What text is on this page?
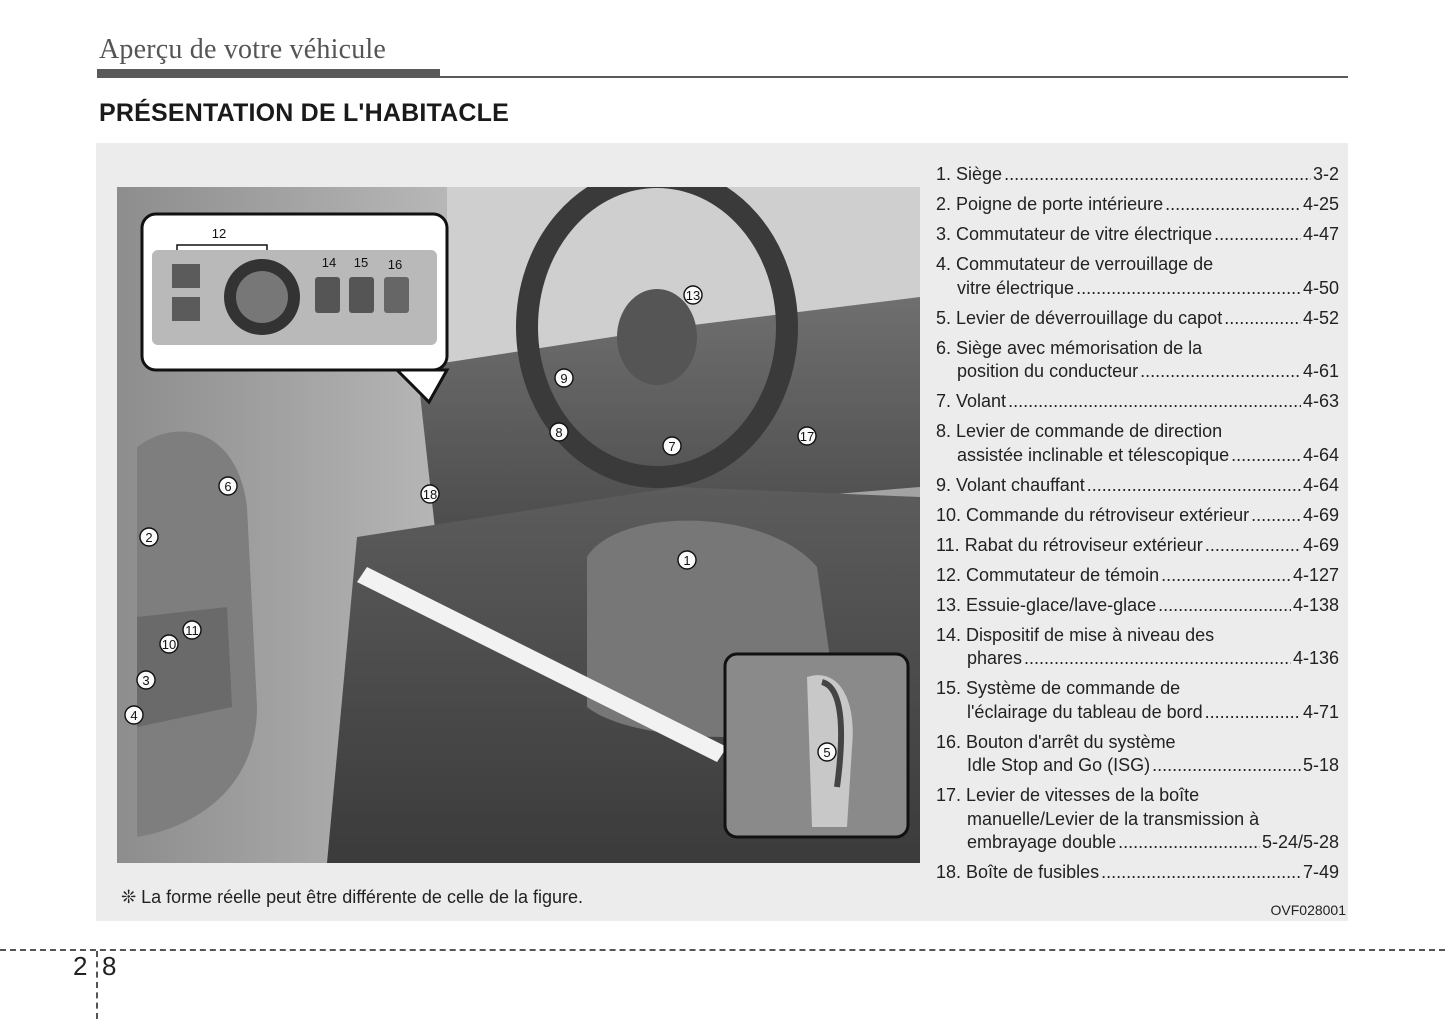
Aperçu de votre véhicule
PRÉSENTATION DE L'HABITACLE
12
14 15 16
1
2
3
4
5
6
7
8
9
10
11
13
17
18

❊ La forme réelle peut être différente de celle de la figure.

OVF028001
1. Siège .....	3-2
2. Poigne de porte intérieure .....	4-25
3. Commutateur de vitre électrique .....	4-47
4. Commutateur de verrouillage de
vitre électrique .....	4-50
5. Levier de déverrouillage du capot .....	4-52
6. Siège avec mémorisation de la
position du conducteur .....	4-61
7. Volant .....	4-63
8. Levier de commande de direction
assistée inclinable et télescopique .....	4-64
9. Volant chauffant .....	4-64
10. Commande du rétroviseur extérieur .....	4-69
11. Rabat du rétroviseur extérieur .....	4-69
12. Commutateur de témoin .....	4-127
13. Essuie-glace/lave-glace .....	4-138
14. Dispositif de mise à niveau des
phares .....	4-136
15. Système de commande de
l'éclairage du tableau de bord .....	4-71
16. Bouton d'arrêt du système
Idle Stop and Go (ISG) .....	5-18
17. Levier de vitesses de la boîte
manuelle/Levier de la transmission à
embrayage double .....	5-24/5-28
18. Boîte de fusibles .....	7-49

2 8
